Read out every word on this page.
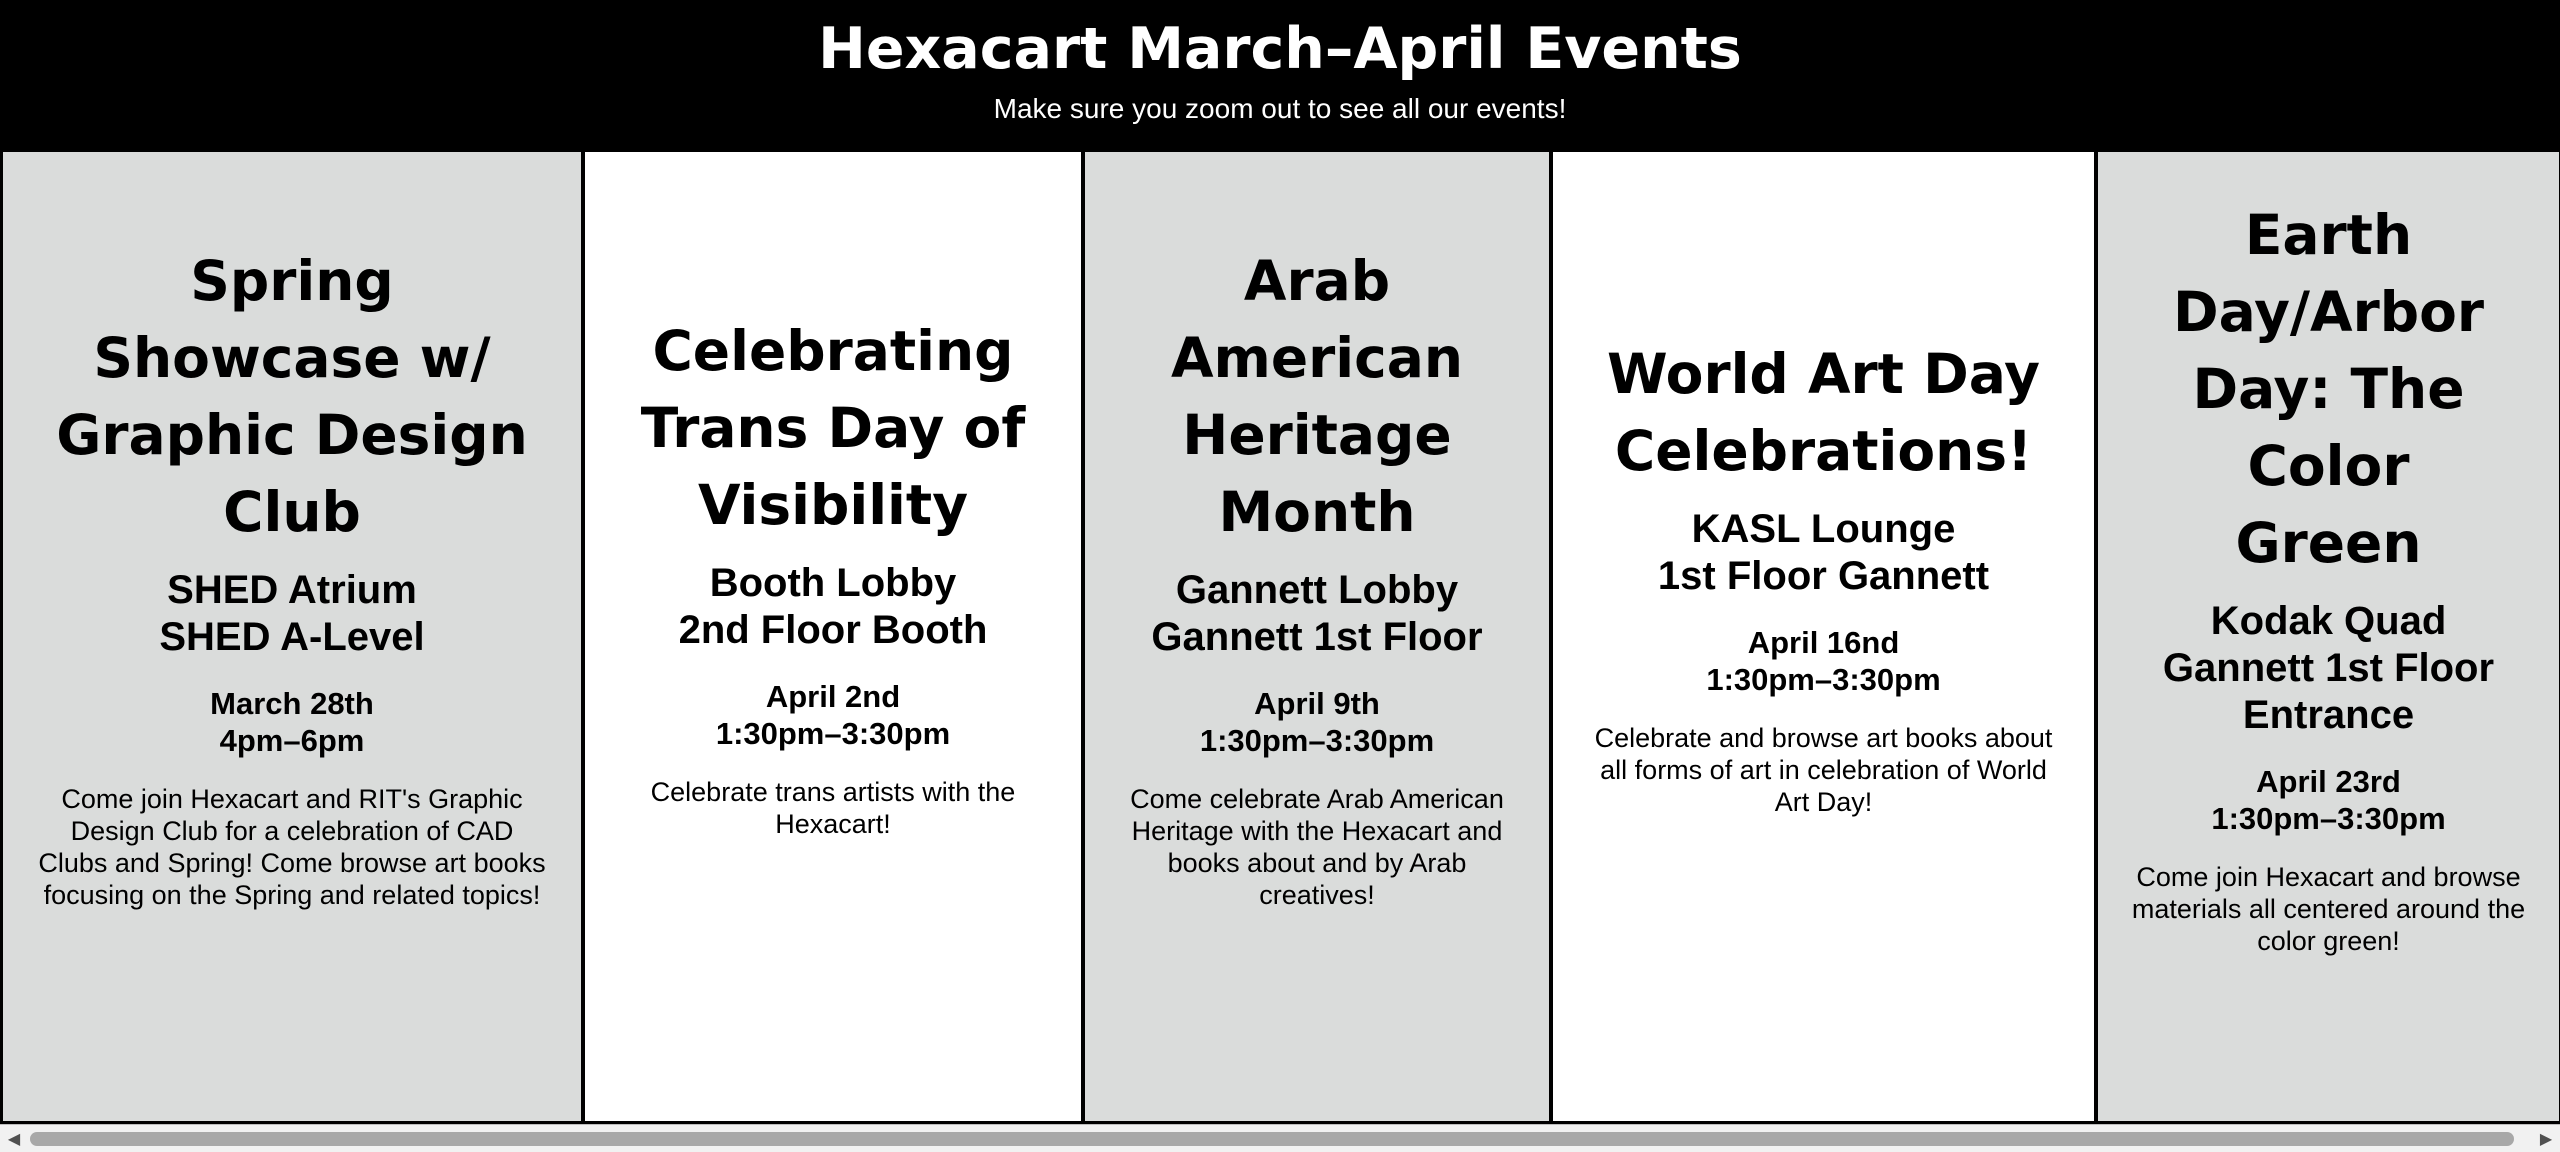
Hexacart March–April Events

Make sure you zoom out to see all our events!

Spring Showcase w/ Graphic Design Club
SHED Atrium
SHED A-Level
March 28th
4pm–6pm

Come join Hexacart and RIT's Graphic Design Club for a celebration of CAD Clubs and Spring! Come browse art books focusing on the Spring and related topics!

Celebrating Trans Day of Visibility
Booth Lobby
2nd Floor Booth
April 2nd
1:30pm–3:30pm

Celebrate trans artists with the Hexacart!

Arab American Heritage Month
Gannett Lobby
Gannett 1st Floor
April 9th
1:30pm–3:30pm

Come celebrate Arab American Heritage with the Hexacart and books about and by Arab creatives!

World Art Day Celebrations!
KASL Lounge
1st Floor Gannett
April 16nd
1:30pm–3:30pm

Celebrate and browse art books about all forms of art in celebration of World Art Day!

Earth Day/Arbor Day: The Color Green
Kodak Quad
Gannett 1st Floor
Entrance
April 23rd
1:30pm–3:30pm

Come join Hexacart and browse materials all centered around the color green!

◀	▶
